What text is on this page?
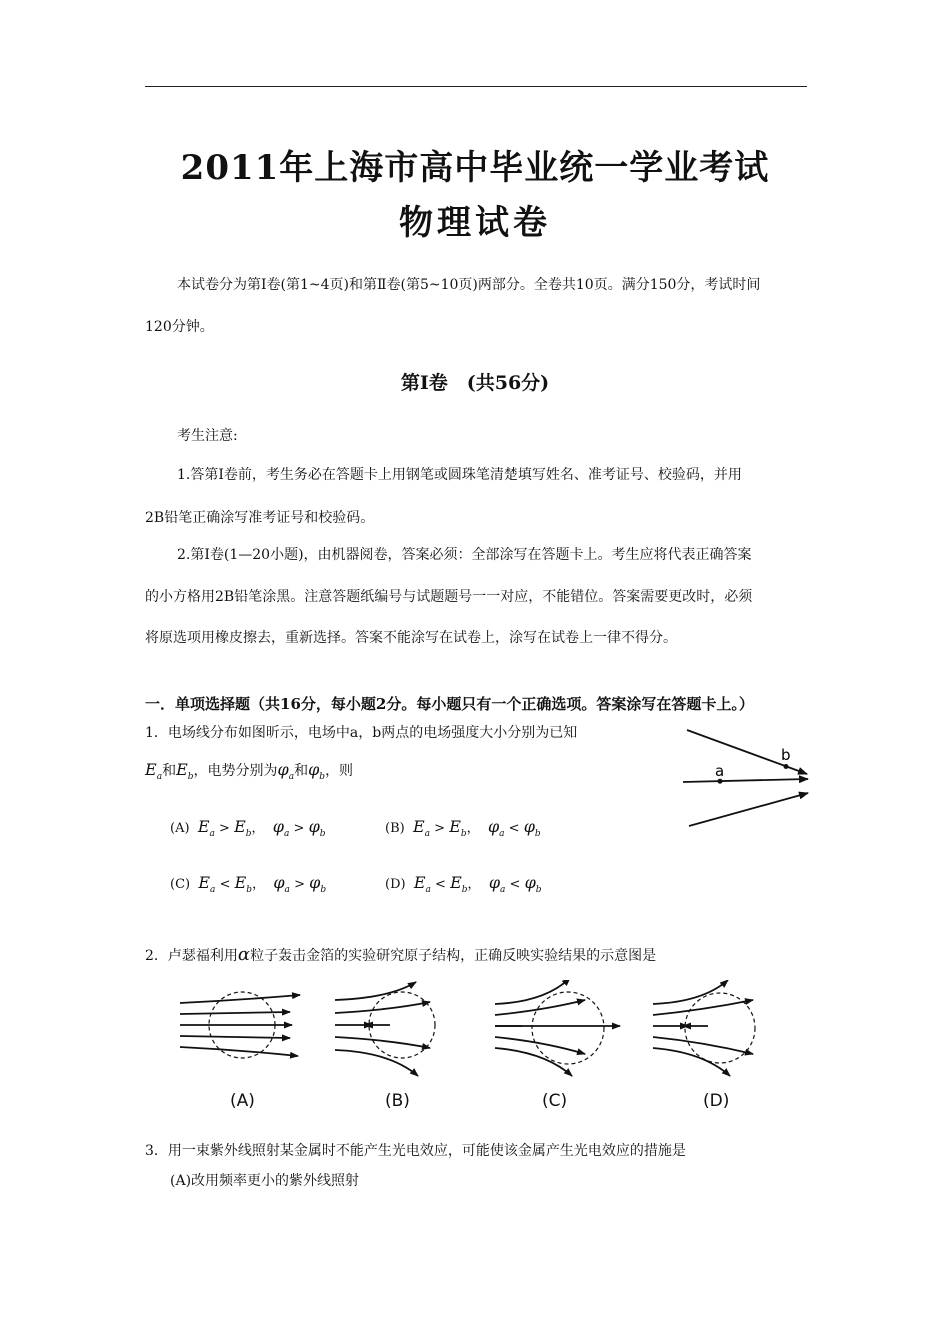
2011年上海市高中毕业统一学业考试
物理试卷
本试卷分为第Ⅰ卷(第1~4页)和第Ⅱ卷(第5~10页)两部分。全卷共10页。满分150分，考试时间
120分钟。
第Ⅰ卷　(共56分)
考生注意:
1.答第Ⅰ卷前，考生务必在答题卡上用钢笔或圆珠笔清楚填写姓名、准考证号、校验码，并用
2B铅笔正确涂写准考证号和校验码。
2.第Ⅰ卷(1—20小题)，由机器阅卷，答案必须：全部涂写在答题卡上。考生应将代表正确答案
的小方格用2B铅笔涂黑。注意答题纸编号与试题题号一一对应，不能错位。答案需要更改时，必须
将原选项用橡皮擦去，重新选择。答案不能涂写在试卷上，涂写在试卷上一律不得分。
一．单项选择题（共16分，每小题2分。每小题只有一个正确选项。答案涂写在答题卡上。）
1．电场线分布如图昕示，电场中a，b两点的电场强度大小分别为已知
$E_a$和$E_b$，电势分别为$\varphi_a$和$\varphi_b$，则
(A) $E_a > E_b$， $\varphi_a > \varphi_b$	(B) $E_a > E_b$， $\varphi_a < \varphi_b$
(C) $E_a < E_b$， $\varphi_a > \varphi_b$	(D) $E_a < E_b$， $\varphi_a < \varphi_b$
a
b
2．卢瑟福利用α粒子轰击金箔的实验研究原子结构，正确反映实验结果的示意图是
(A)	(B)	(C)	(D)
3．用一束紫外线照射某金属时不能产生光电效应，可能使该金属产生光电效应的措施是
(A)改用频率更小的紫外线照射
